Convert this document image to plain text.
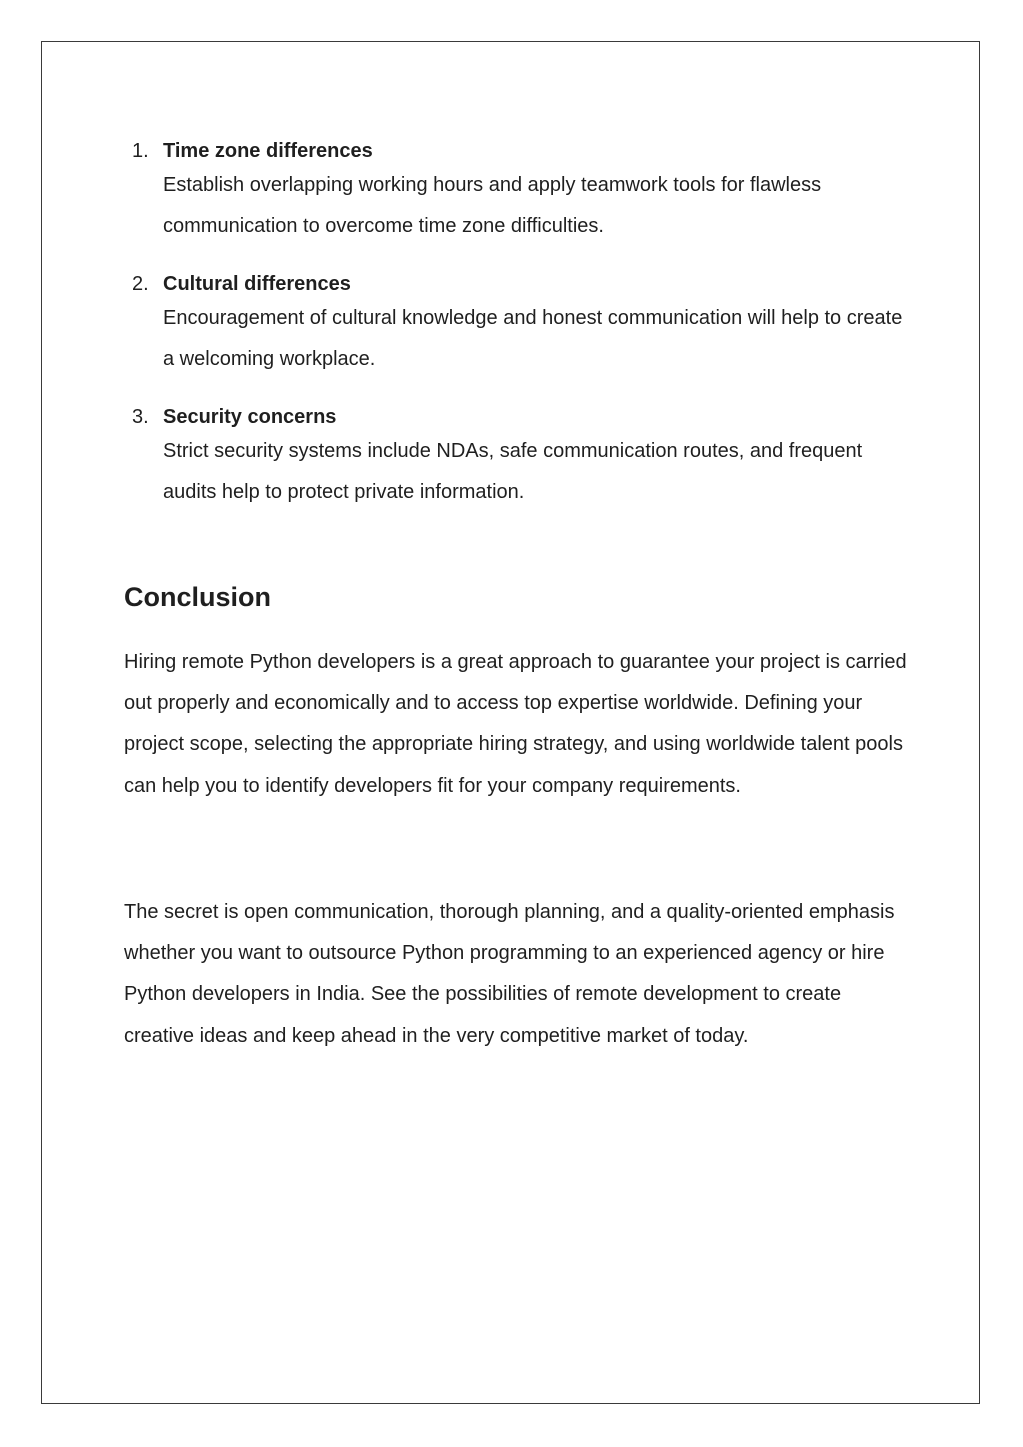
1. Time zone differences
Establish overlapping working hours and apply teamwork tools for flawless communication to overcome time zone difficulties.
2. Cultural differences
Encouragement of cultural knowledge and honest communication will help to create a welcoming workplace.
3. Security concerns
Strict security systems include NDAs, safe communication routes, and frequent audits help to protect private information.
Conclusion

Hiring remote Python developers is a great approach to guarantee your project is carried out properly and economically and to access top expertise worldwide. Defining your project scope, selecting the appropriate hiring strategy, and using worldwide talent pools can help you to identify developers fit for your company requirements.

The secret is open communication, thorough planning, and a quality-oriented emphasis whether you want to outsource Python programming to an experienced agency or hire Python developers in India. See the possibilities of remote development to create creative ideas and keep ahead in the very competitive market of today.
